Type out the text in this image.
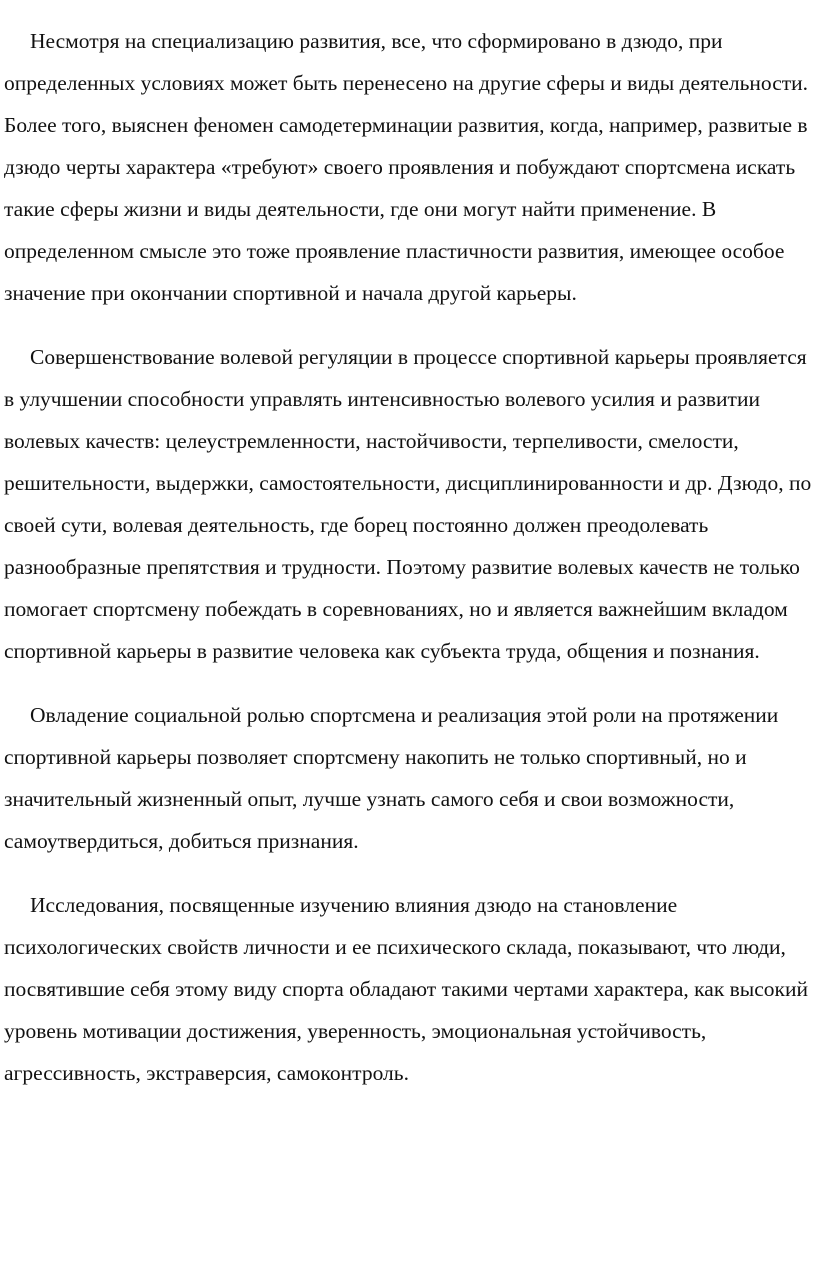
Несмотря на специализацию развития, все, что сформировано в дзюдо, при определенных условиях может быть перенесено на другие сферы и виды деятельности. Более того, выяснен феномен самодетерминации развития, когда, например, развитые в дзюдо черты характера «требуют» своего проявления и побуждают спортсмена искать такие сферы жизни и виды деятельности, где они могут найти применение. В определенном смысле это тоже проявление пластичности развития, имеющее особое значение при окончании спортивной и начала другой карьеры.

Совершенствование волевой регуляции в процессе спортивной карьеры проявляется в улучшении способности управлять интенсивностью волевого усилия и развитии волевых качеств: целеустремленности, настойчивости, терпеливости, смелости, решительности, выдержки, самостоятельности, дисциплинированности и др. Дзюдо, по своей сути, волевая деятельность, где борец постоянно должен преодолевать разнообразные препятствия и трудности. Поэтому развитие волевых качеств не только помогает спортсмену побеждать в соревнованиях, но и является важнейшим вкладом спортивной карьеры в развитие человека как субъекта труда, общения и познания.

Овладение социальной ролью спортсмена и реализация этой роли на протяжении спортивной карьеры позволяет спортсмену накопить не только спортивный, но и значительный жизненный опыт, лучше узнать самого себя и свои возможности, самоутвердиться, добиться признания.

Исследования, посвященные изучению влияния дзюдо на становление психологических свойств личности и ее психического склада, показывают, что люди, посвятившие себя этому виду спорта обладают такими чертами характера, как высокий уровень мотивации достижения, уверенность, эмоциональная устойчивость, агрессивность, экстраверсия, самоконтроль.
